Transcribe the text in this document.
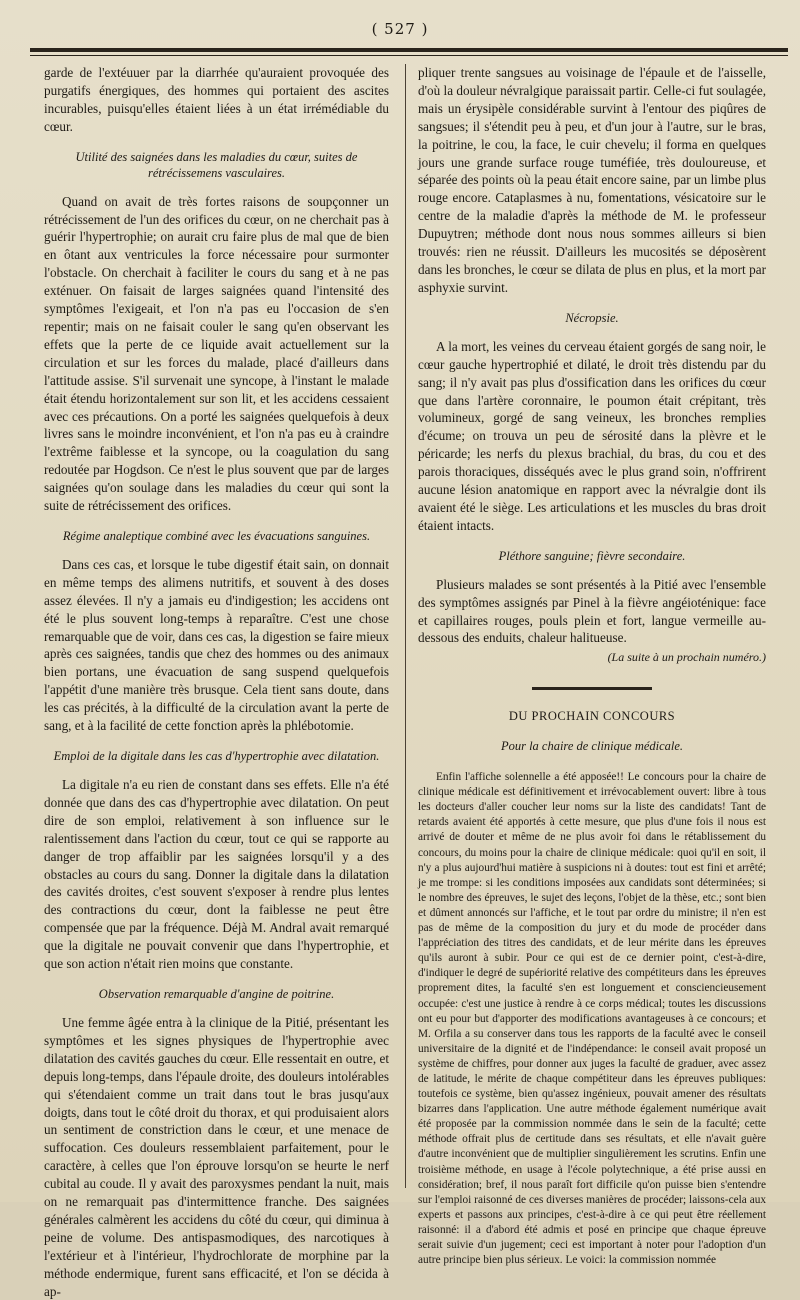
( 527 )

garde de l'extéuuer par la diarrhée qu'auraient provoquée des purgatifs énergiques, des hommes qui portaient des ascites incurables, puisqu'elles étaient liées à un état irrémédiable du cœur.

Utilité des saignées dans les maladies du cœur, suites de rétrécissemens vasculaires.

Quand on avait de très fortes raisons de soupçonner un rétrécissement de l'un des orifices du cœur, on ne cherchait pas à guérir l'hypertrophie; on aurait cru faire plus de mal que de bien en ôtant aux ventricules la force nécessaire pour surmonter l'obstacle. On cherchait à faciliter le cours du sang et à ne pas exténuer. On faisait de larges saignées quand l'intensité des symptômes l'exigeait, et l'on n'a pas eu l'occasion de s'en repentir; mais on ne faisait couler le sang qu'en observant les effets que la perte de ce liquide avait actuellement sur la circulation et sur les forces du malade, placé d'ailleurs dans l'attitude assise. S'il survenait une syncope, à l'instant le malade était étendu horizontalement sur son lit, et les accidens cessaient avec ces précautions. On a porté les saignées quelquefois à deux livres sans le moindre inconvénient, et l'on n'a pas eu à craindre l'extrême faiblesse et la syncope, ou la coagulation du sang redoutée par Hogdson. Ce n'est le plus souvent que par de larges saignées qu'on soulage dans les maladies du cœur qui sont la suite de rétrécissement des orifices.

Régime analeptique combiné avec les évacuations sanguines.

Dans ces cas, et lorsque le tube digestif était sain, on donnait en même temps des alimens nutritifs, et souvent à des doses assez élevées. Il n'y a jamais eu d'indigestion; les accidens ont été le plus souvent long-temps à reparaître. C'est une chose remarquable que de voir, dans ces cas, la digestion se faire mieux après ces saignées, tandis que chez des hommes ou des animaux bien portans, une évacuation de sang suspend quelquefois l'appétit d'une manière très brusque. Cela tient sans doute, dans les cas précités, à la difficulté de la circulation avant la perte de sang, et à la facilité de cette fonction après la phlébotomie.

Emploi de la digitale dans les cas d'hypertrophie avec dilatation.

La digitale n'a eu rien de constant dans ses effets. Elle n'a été donnée que dans des cas d'hypertrophie avec dilatation. On peut dire de son emploi, relativement à son influence sur le ralentissement dans l'action du cœur, tout ce qui se rapporte au danger de trop affaiblir par les saignées lorsqu'il y a des obstacles au cours du sang. Donner la digitale dans la dilatation des cavités droites, c'est souvent s'exposer à rendre plus lentes des contractions du cœur, dont la faiblesse ne peut être compensée que par la fréquence. Déjà M. Andral avait remarqué que la digitale ne pouvait convenir que dans l'hypertrophie, et que son action n'était rien moins que constante.

Observation remarquable d'angine de poitrine.

Une femme âgée entra à la clinique de la Pitié, présentant les symptômes et les signes physiques de l'hypertrophie avec dilatation des cavités gauches du cœur. Elle ressentait en outre, et depuis long-temps, dans l'épaule droite, des douleurs intolérables qui s'étendaient comme un trait dans tout le bras jusqu'aux doigts, dans tout le côté droit du thorax, et qui produisaient alors un sentiment de constriction dans le cœur, et une menace de suffocation. Ces douleurs ressemblaient parfaitement, pour le caractère, à celles que l'on éprouve lorsqu'on se heurte le nerf cubital au coude. Il y avait des paroxysmes pendant la nuit, mais on ne remarquait pas d'intermittence franche. Des saignées générales calmèrent les accidens du côté du cœur, qui diminua à peine de volume. Des antispasmodiques, des narcotiques à l'extérieur et à l'intérieur, l'hydrochlorate de morphine par la méthode endermique, furent sans efficacité, et l'on se décida à ap-

pliquer trente sangsues au voisinage de l'épaule et de l'aisselle, d'où la douleur névralgique paraissait partir. Celle-ci fut soulagée, mais un érysipèle considérable survint à l'entour des piqûres de sangsues; il s'étendit peu à peu, et d'un jour à l'autre, sur le bras, la poitrine, le cou, la face, le cuir chevelu; il forma en quelques jours une grande surface rouge tuméfiée, très douloureuse, et séparée des points où la peau était encore saine, par un limbe plus rouge encore. Cataplasmes à nu, fomentations, vésicatoire sur le centre de la maladie d'après la méthode de M. le professeur Dupuytren; méthode dont nous nous sommes ailleurs si bien trouvés: rien ne réussit. D'ailleurs les mucosités se déposèrent dans les bronches, le cœur se dilata de plus en plus, et la mort par asphyxie survint.

Nécropsie.

A la mort, les veines du cerveau étaient gorgés de sang noir, le cœur gauche hypertrophié et dilaté, le droit très distendu par du sang; il n'y avait pas plus d'ossification dans les orifices du cœur que dans l'artère coronnaire, le poumon était crépitant, très volumineux, gorgé de sang veineux, les bronches remplies d'écume; on trouva un peu de sérosité dans la plèvre et le péricarde; les nerfs du plexus brachial, du bras, du cou et des parois thoraciques, disséqués avec le plus grand soin, n'offrirent aucune lésion anatomique en rapport avec la névralgie dont ils avaient été le siège. Les articulations et les muscles du bras droit étaient intacts.

Pléthore sanguine; fièvre secondaire.

Plusieurs malades se sont présentés à la Pitié avec l'ensemble des symptômes assignés par Pinel à la fièvre angéioténique: face et capillaires rouges, pouls plein et fort, langue vermeille au-dessous des enduits, chaleur halitueuse.

(La suite à un prochain numéro.)
DU PROCHAIN CONCOURS
Pour la chaire de clinique médicale.

Enfin l'affiche solennelle a été apposée!! Le concours pour la chaire de clinique médicale est définitivement et irrévocablement ouvert: libre à tous les docteurs d'aller coucher leur noms sur la liste des candidats! Tant de retards avaient été apportés à cette mesure, que plus d'une fois il nous est arrivé de douter et même de ne plus avoir foi dans le rétablissement du concours, du moins pour la chaire de clinique médicale: quoi qu'il en soit, il n'y a plus aujourd'hui matière à suspicions ni à doutes: tout est fini et arrêté; je me trompe: si les conditions imposées aux candidats sont déterminées; si le nombre des épreuves, le sujet des leçons, l'objet de la thèse, etc.; sont bien et dûment annoncés sur l'affiche, et le tout par ordre du ministre; il n'en est pas de même de la composition du jury et du mode de procéder dans l'appréciation des titres des candidats, et de leur mérite dans les épreuves qu'ils auront à subir. Pour ce qui est de ce dernier point, c'est-à-dire, d'indiquer le degré de supériorité relative des compétiteurs dans les épreuves proprement dites, la faculté s'en est longuement et consciencieusement occupée: c'est une justice à rendre à ce corps médical; toutes les discussions ont eu pour but d'apporter des modifications avantageuses à ce concours; et M. Orfila a su conserver dans tous les rapports de la faculté avec le conseil universitaire de la dignité et de l'indépendance: le conseil avait proposé un système de chiffres, pour donner aux juges la faculté de graduer, avec assez de latitude, le mérite de chaque compétiteur dans les épreuves publiques: toutefois ce système, bien qu'assez ingénieux, pouvait amener des résultats bizarres dans l'application. Une autre méthode également numérique avait été proposée par la commission nommée dans le sein de la faculté; cette méthode offrait plus de certitude dans ses résultats, et elle n'avait guère d'autre inconvénient que de multiplier singulièrement les scrutins. Enfin une troisième méthode, en usage à l'école polytechnique, a été prise aussi en considération; bref, il nous paraît fort difficile qu'on puisse bien s'entendre sur l'emploi raisonné de ces diverses manières de procéder; laissons-cela aux experts et passons aux principes, c'est-à-dire à ce qui peut être réellement raisonné: il a d'abord été admis et posé en principe que chaque épreuve serait suivie d'un jugement; ceci est important à noter pour l'adoption d'un autre principe bien plus sérieux. Le voici: la commission nommée
